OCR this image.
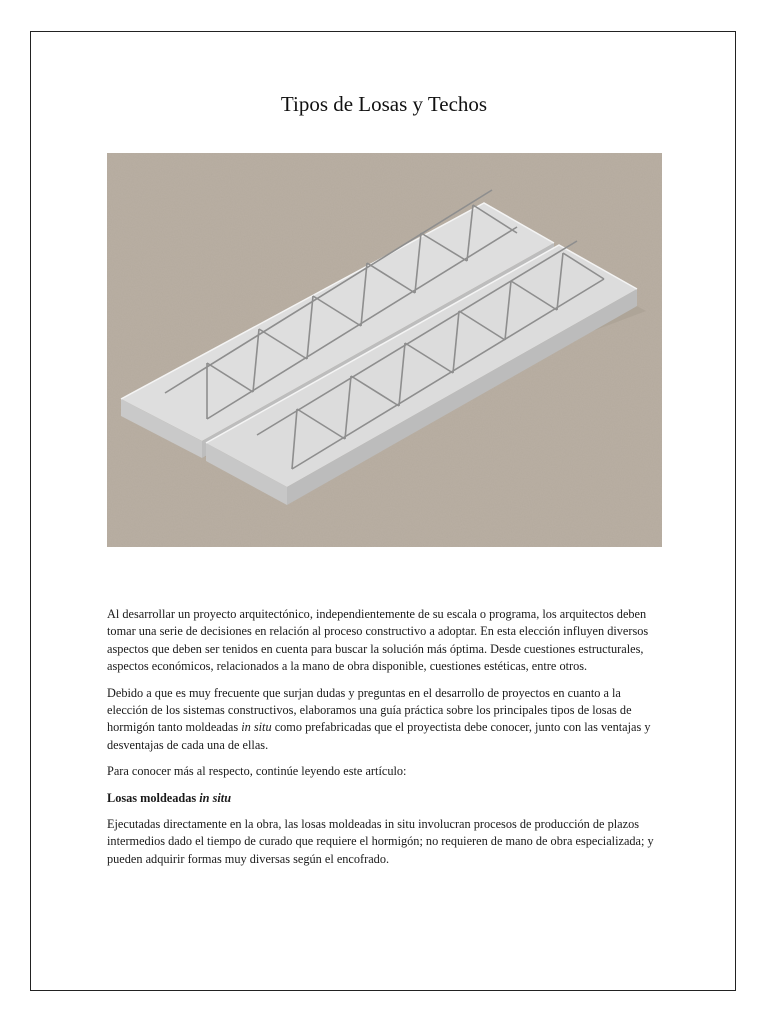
Tipos de Losas y Techos

Al desarrollar un proyecto arquitectónico, independientemente de su escala o programa, los arquitectos deben tomar una serie de decisiones en relación al proceso constructivo a adoptar. En esta elección influyen diversos aspectos que deben ser tenidos en cuenta para buscar la solución más óptima. Desde cuestiones estructurales, aspectos económicos, relacionados a la mano de obra disponible, cuestiones estéticas, entre otros.

Debido a que es muy frecuente que surjan dudas y preguntas en el desarrollo de proyectos en cuanto a la elección de los sistemas constructivos, elaboramos una guía práctica sobre los principales tipos de losas de hormigón tanto moldeadas in situ como prefabricadas que el proyectista debe conocer, junto con las ventajas y desventajas de cada una de ellas.

Para conocer más al respecto, continúe leyendo este artículo:

Losas moldeadas in situ

Ejecutadas directamente en la obra, las losas moldeadas in situ involucran procesos de producción de plazos intermedios dado el tiempo de curado que requiere el hormigón; no requieren de mano de obra especializada; y pueden adquirir formas muy diversas según el encofrado.
